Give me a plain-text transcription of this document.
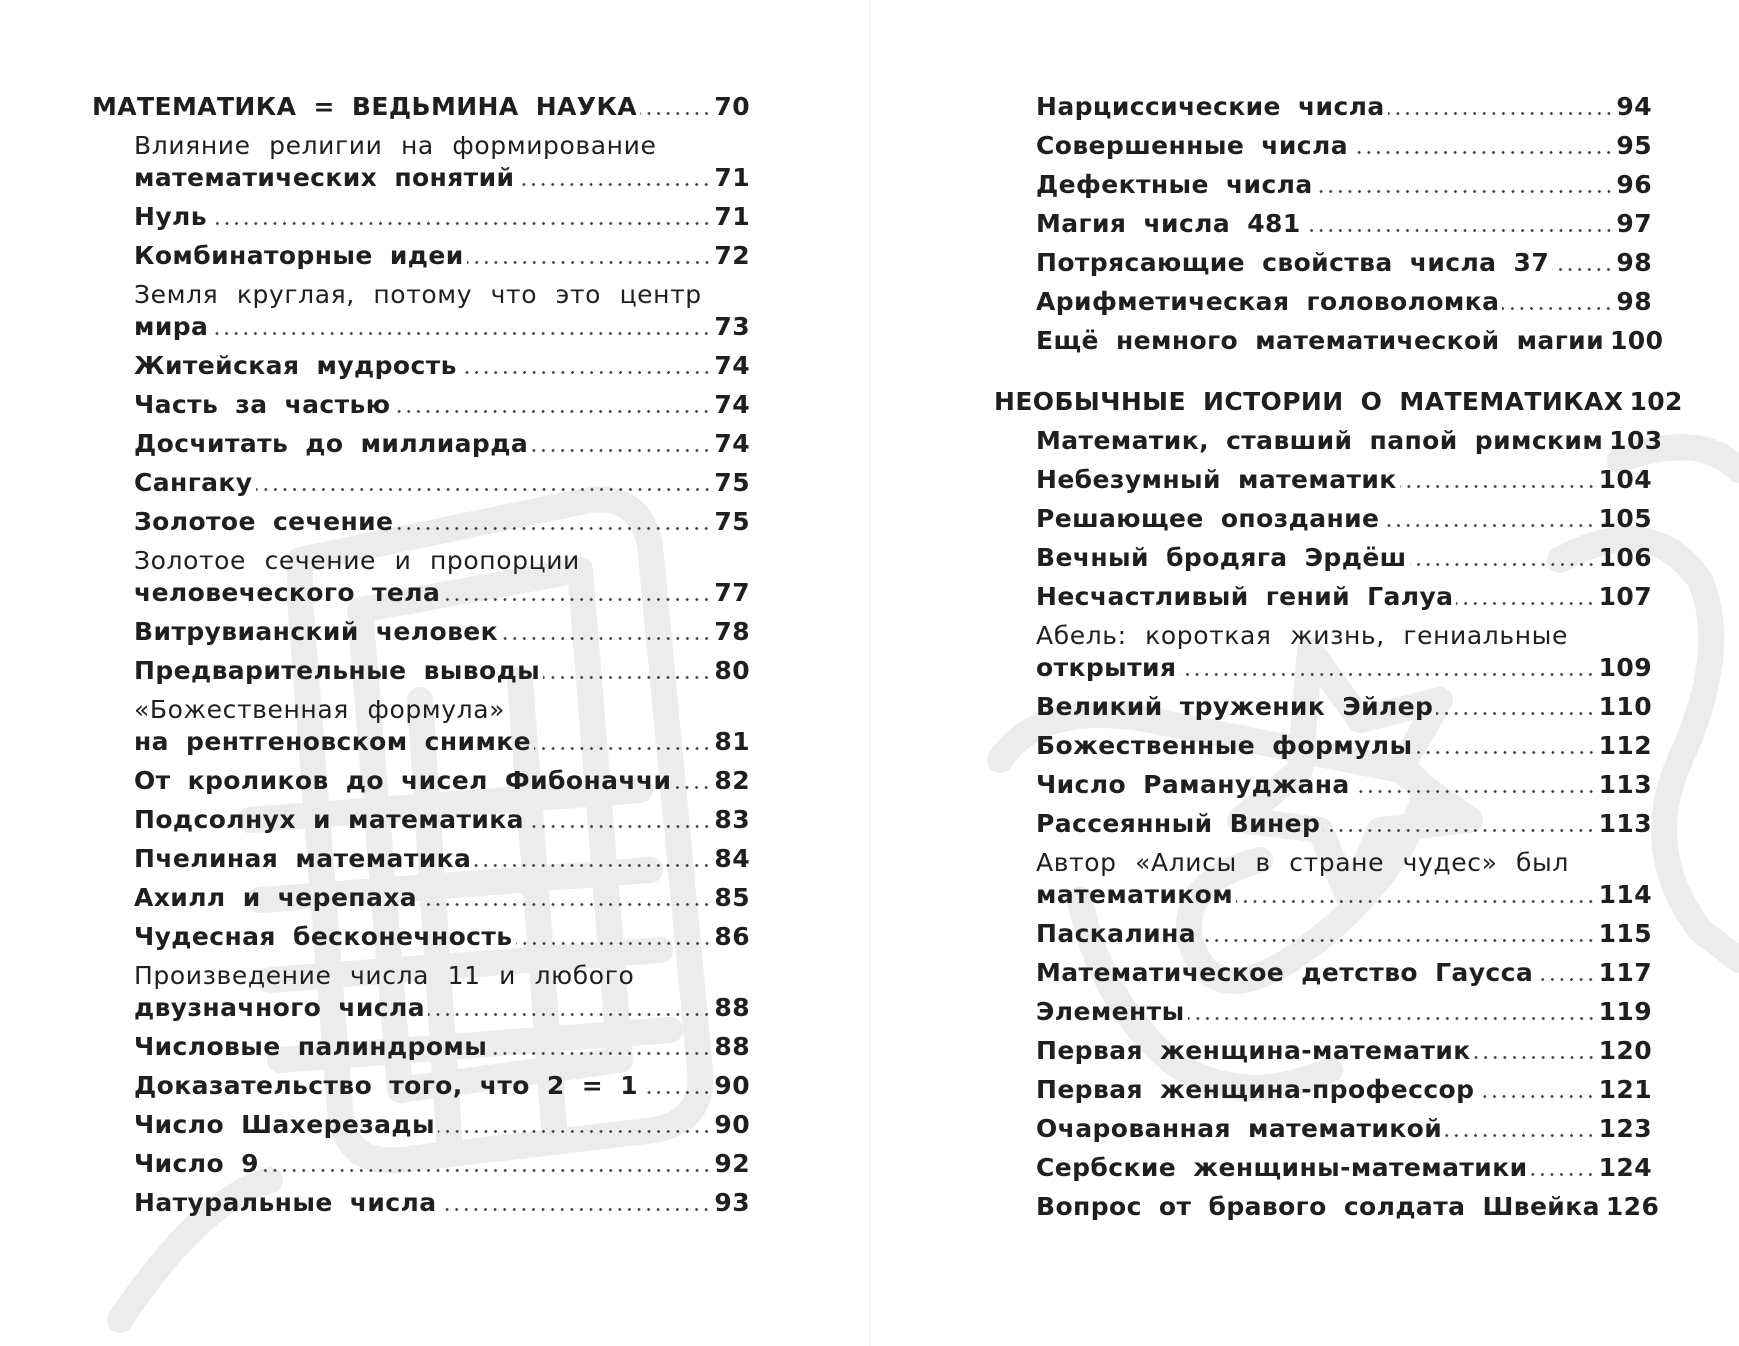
МАТЕМАТИКА = ВЕДЬМИНА НАУКА	70
Влияние религии на формирование
математических понятий	71
Нуль	71
Комбинаторные идеи	72
Земля круглая, потому что это центр
мира	73
Житейская мудрость	74
Часть за частью	74
Досчитать до миллиарда	74
Сангаку	75
Золотое сечение	75
Золотое сечение и пропорции
человеческого тела	77
Витрувианский человек	78
Предварительные выводы	80
«Божественная формула»
на рентгеновском снимке	81
От кроликов до чисел Фибоначчи 82
Подсолнух и математика	83
Пчелиная математика	84
Ахилл и черепаха	85
Чудесная бесконечность	86
Произведение числа 11 и любого
двузначного числа	88
Числовые палиндромы	88
Доказательство того, что 2 = 1	90
Число Шахерезады	90
Число 9	92
Натуральные числа	93
Нарциссические числа	94
Совершенные числа	95
Дефектные числа	96
Магия числа 481	97
Потрясающие свойства числа 37	98
Арифметическая головоломка	98
Ещё немного математической магии 100
НЕОБЫЧНЫЕ ИСТОРИИ О МАТЕМАТИКАХ 102
Математик, ставший папой римским 103
Небезумный математик	104
Решающее опоздание	105
Вечный бродяга Эрдёш	106
Несчастливый гений Галуа	107
Абель: короткая жизнь, гениальные
открытия	109
Великий труженик Эйлер	110
Божественные формулы	112
Число Рамануджана	113
Рассеянный Винер	113
Автор «Алисы в стране чудес» был
математиком	114
Паскалина	115
Математическое детство Гаусса	117
Элементы	119
Первая женщина-математик	120
Первая женщина-профессор	121
Очарованная математикой	123
Сербские женщины-математики	124
Вопрос от бравого солдата Швейка 126
